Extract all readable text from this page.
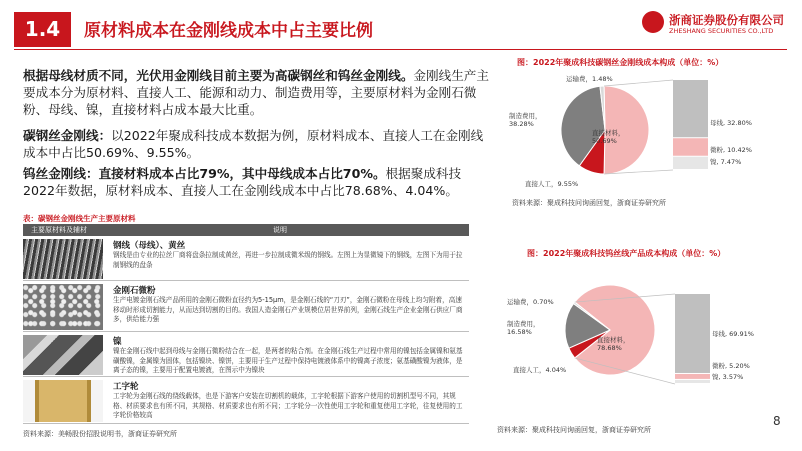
1.4	原材料成本在金刚线成本中占主要比例
浙商证券股份有限公司
ZHESHANG SECURITIES CO.,LTD
根据母线材质不同，光伏用金刚线目前主要为高碳钢丝和钨丝金刚线。金刚线生产主要成本分为原材料、直接人工、能源和动力、制造费用等，主要原材料为金刚石微粉、母线、镍，直接材料占成本最大比重。
碳钢丝金刚线：以2022年聚成科技成本数据为例，原材料成本、直接人工在金刚线成本中占比50.69%、9.55%。
钨丝金刚线：直接材料成本占比79%，其中母线成本占比70%。根据聚成科技2022年数据，原材料成本、直接人工在金刚线成本中占比78.68%、4.04%。
表：碳钢丝金刚线生产主要原材料
主要原材料及辅材	说明
钢线（母线）、黄丝
钢线是由专业的拉丝厂商将盘条拉制成黄丝，再进一步拉制成微米级的钢线。左图上为显微镜下的钢线，左图下为用于拉制钢线的盘条
金刚石微粉
生产电镀金刚石线产品所用的金刚石微粉直径约为5-15μm，是金刚石线的“刀刃”，金刚石微粉在母线上均匀附着，高速移动时形成切割能力，从而达到切割的目的。我国人造金刚石产业规模位居世界前列，金刚石线生产企业金刚石供应厂商多，供给能力强
镍
镍在金刚石线中起到母线与金刚石微粉结合在一起，是两者的粘合剂。在金刚石线生产过程中常用的镍包括金属镍和氨基磺酸镍，金属镍为固体，包括镍块、镍饼，主要用于生产过程中保持电镀液体系中的镍离子浓度；氨基磺酸镍为液体，是离子态的镍，主要用于配置电镀液，在图示中为镍块
工字轮
工字轮为金刚石线的绕线载体，也是下游客户安装在切割机的载体，工字轮根据下游客户使用的切割机型号不同，其规格、材质要求也有所不同，其规格、材质要求也有所不同；工字轮分一次性使用工字轮和重复使用工字轮，往复使用的工字轮价格较高
资料来源：美畅股份招股说明书，浙商证券研究所
图：2022年聚成科技碳钢丝金刚线成本构成（单位：%）
运输费，1.48%
制造费用， 38.28%
直接材料， 50.69%
直接人工，9.55%
母线, 32.80%
微粉, 10.42%
镍, 7.47%
资料来源：聚成科技问询函回复，浙商证券研究所
图：2022年聚成科技钨丝线产品成本构成（单位：%）
运输费，0.70%
制造费用， 16.58%
直接材料， 78.68%
直接人工，4.04%
母线, 69.91%
微粉, 5.20%
镍, 3.57%
资料来源：聚成科技问询函回复，浙商证券研究所
8
